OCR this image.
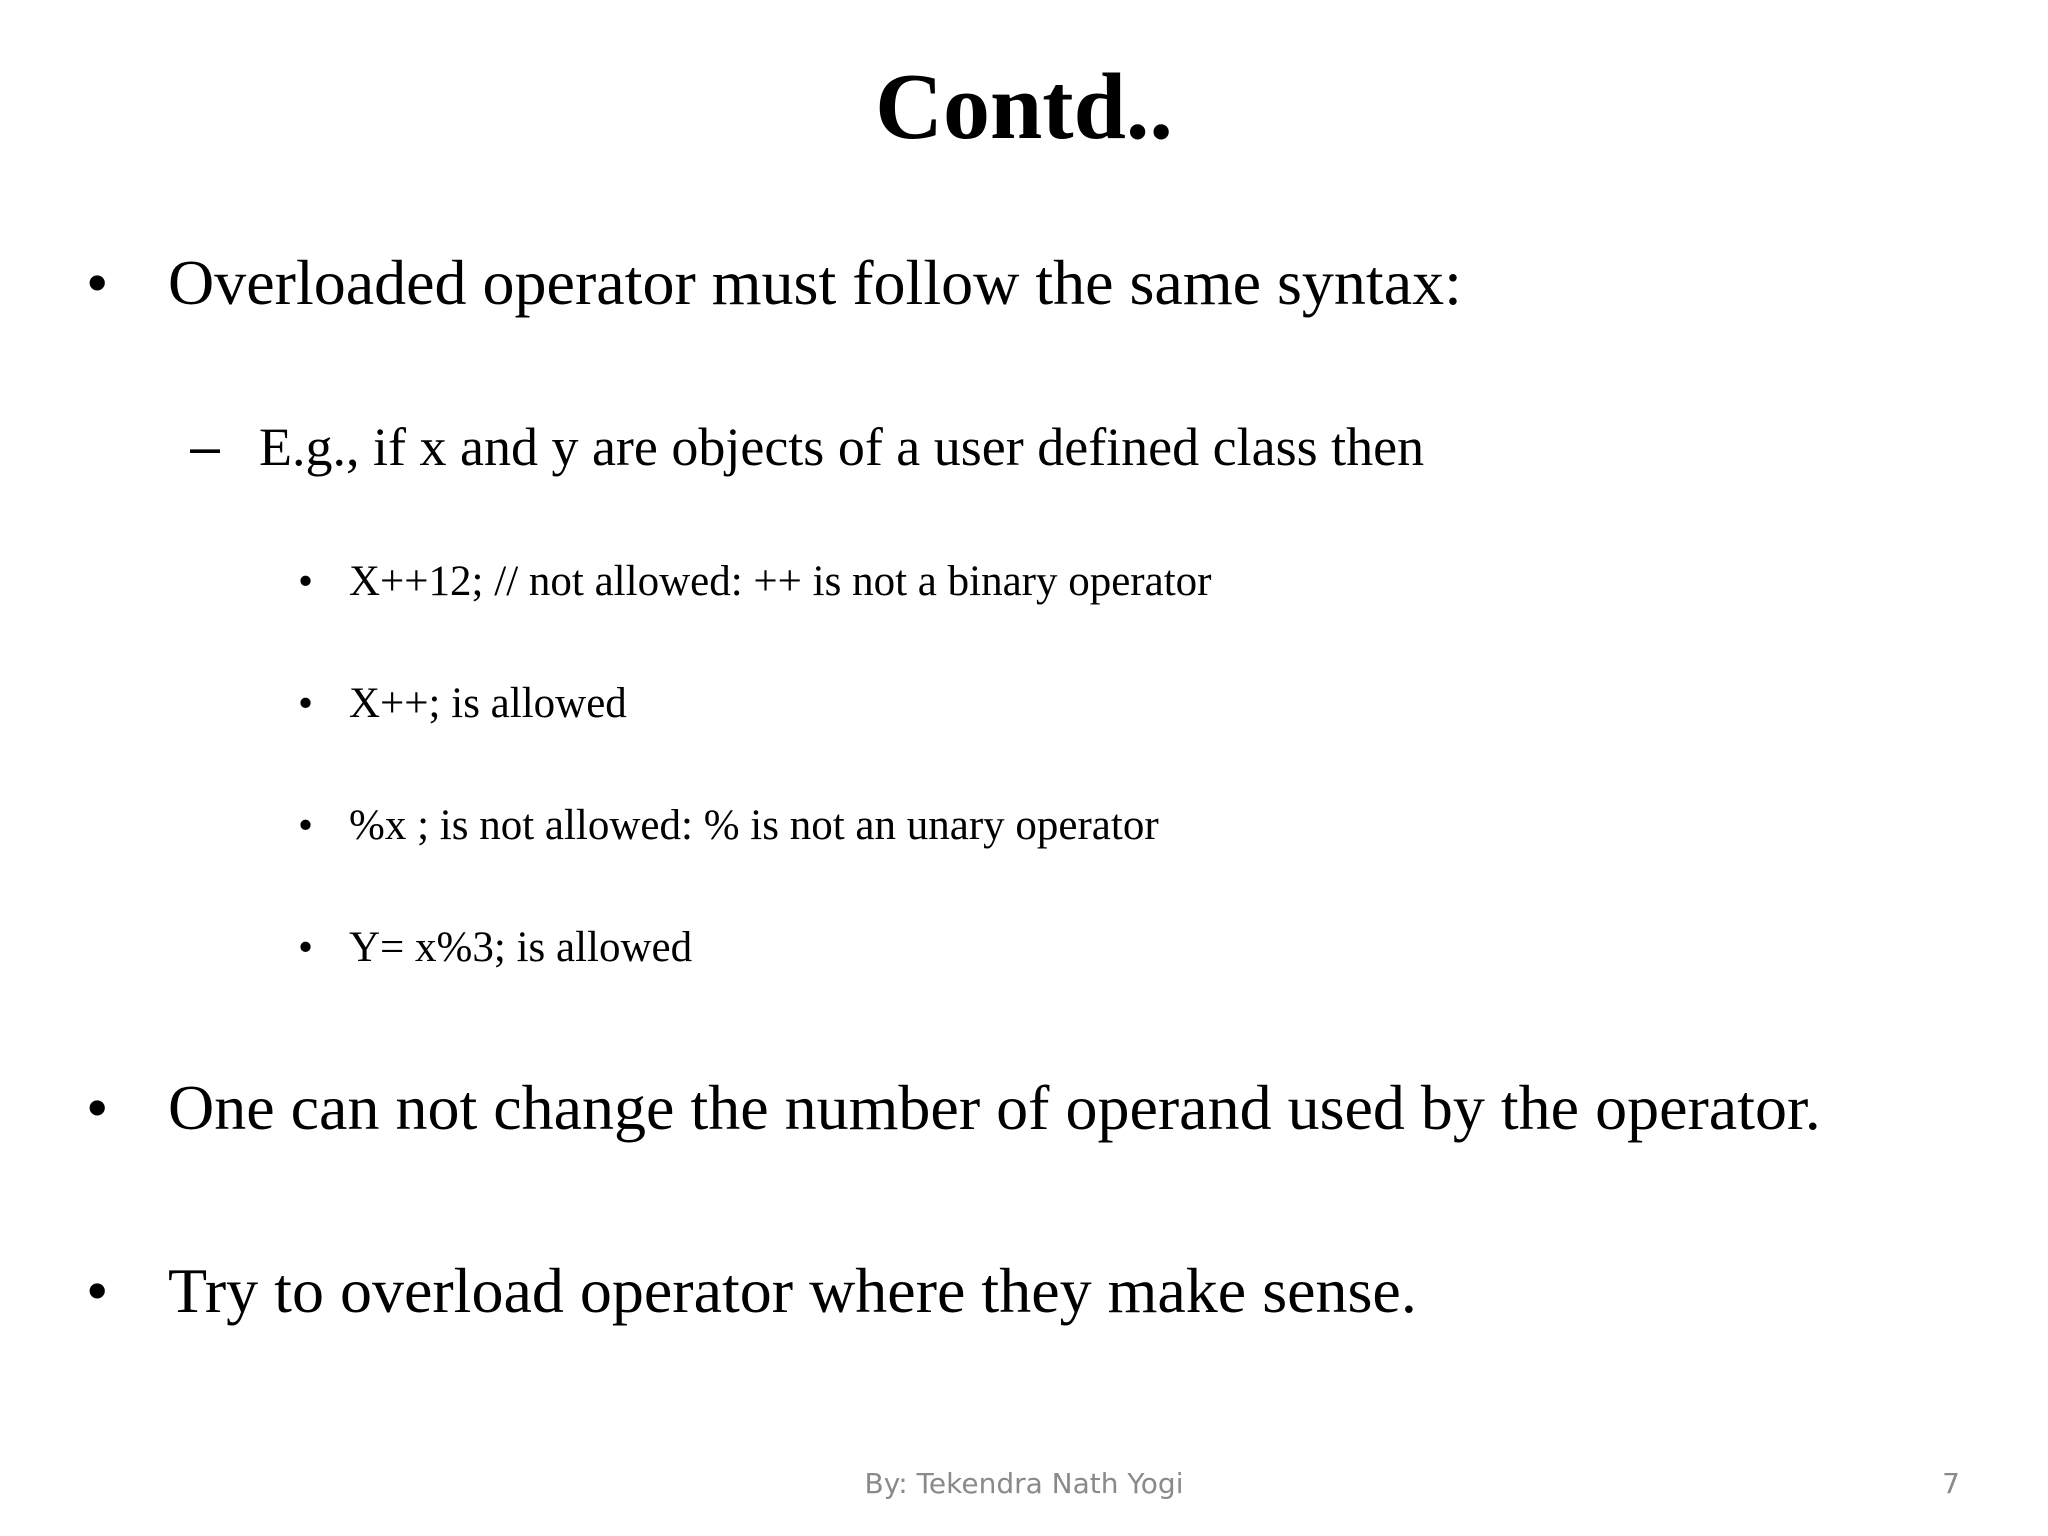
Contd..
• Overloaded operator must follow the same syntax:
– E.g., if x and y are objects of a user defined class then
• X++12; // not allowed: ++ is not a binary operator
• X++; is allowed
• %x ; is not allowed: % is not an unary operator
• Y= x%3; is allowed
• One can not change the number of operand used by the operator.
• Try to overload operator where they make sense.
By: Tekendra Nath Yogi	7
